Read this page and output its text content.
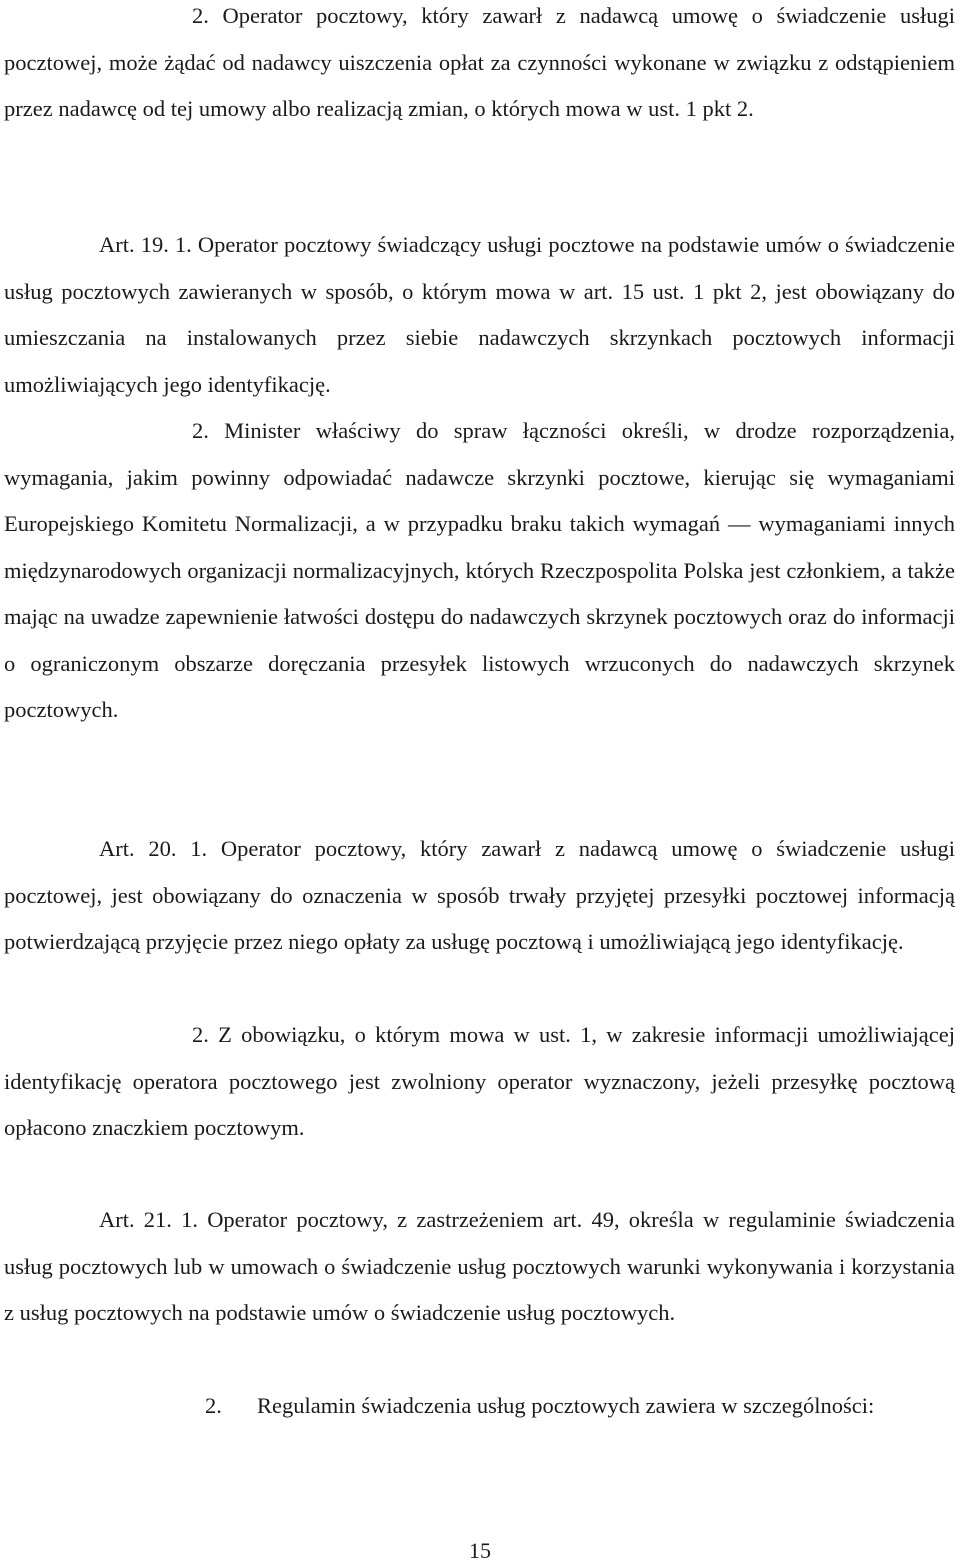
2. Operator pocztowy, który zawarł z nadawcą umowę o świadczenie usługi pocztowej, może żądać od nadawcy uiszczenia opłat za czynności wykonane w związku z odstąpieniem przez nadawcę od tej umowy albo realizacją zmian, o których mowa w ust. 1 pkt 2.

Art. 19. 1. Operator pocztowy świadczący usługi pocztowe na podstawie umów o świadczenie usług pocztowych zawieranych w sposób, o którym mowa w art. 15 ust. 1 pkt 2, jest obowiązany do umieszczania na instalowanych przez siebie nadawczych skrzynkach pocztowych informacji umożliwiających jego identyfikację.

2. Minister właściwy do spraw łączności określi, w drodze rozporządzenia, wymagania, jakim powinny odpowiadać nadawcze skrzynki pocztowe, kierując się wymaganiami Europejskiego Komitetu Normalizacji, a w przypadku braku takich wymagań — wymaganiami innych międzynarodowych organizacji normalizacyjnych, których Rzeczpospolita Polska jest członkiem, a także mając na uwadze zapewnienie łatwości dostępu do nadawczych skrzynek pocztowych oraz do informacji o ograniczonym obszarze doręczania przesyłek listowych wrzuconych do nadawczych skrzynek pocztowych.

Art. 20. 1. Operator pocztowy, który zawarł z nadawcą umowę o świadczenie usługi pocztowej, jest obowiązany do oznaczenia w sposób trwały przyjętej przesyłki pocztowej informacją potwierdzającą przyjęcie przez niego opłaty za usługę pocztową i umożliwiającą jego identyfikację.

2. Z obowiązku, o którym mowa w ust. 1, w zakresie informacji umożliwiającej identyfikację operatora pocztowego jest zwolniony operator wyznaczony, jeżeli przesyłkę pocztową opłacono znaczkiem pocztowym.

Art. 21. 1. Operator pocztowy, z zastrzeżeniem art. 49, określa w regulaminie świadczenia usług pocztowych lub w umowach o świadczenie usług pocztowych warunki wykonywania i korzystania z usług pocztowych na podstawie umów o świadczenie usług pocztowych.

2.	Regulamin świadczenia usług pocztowych zawiera w szczególności:

15
